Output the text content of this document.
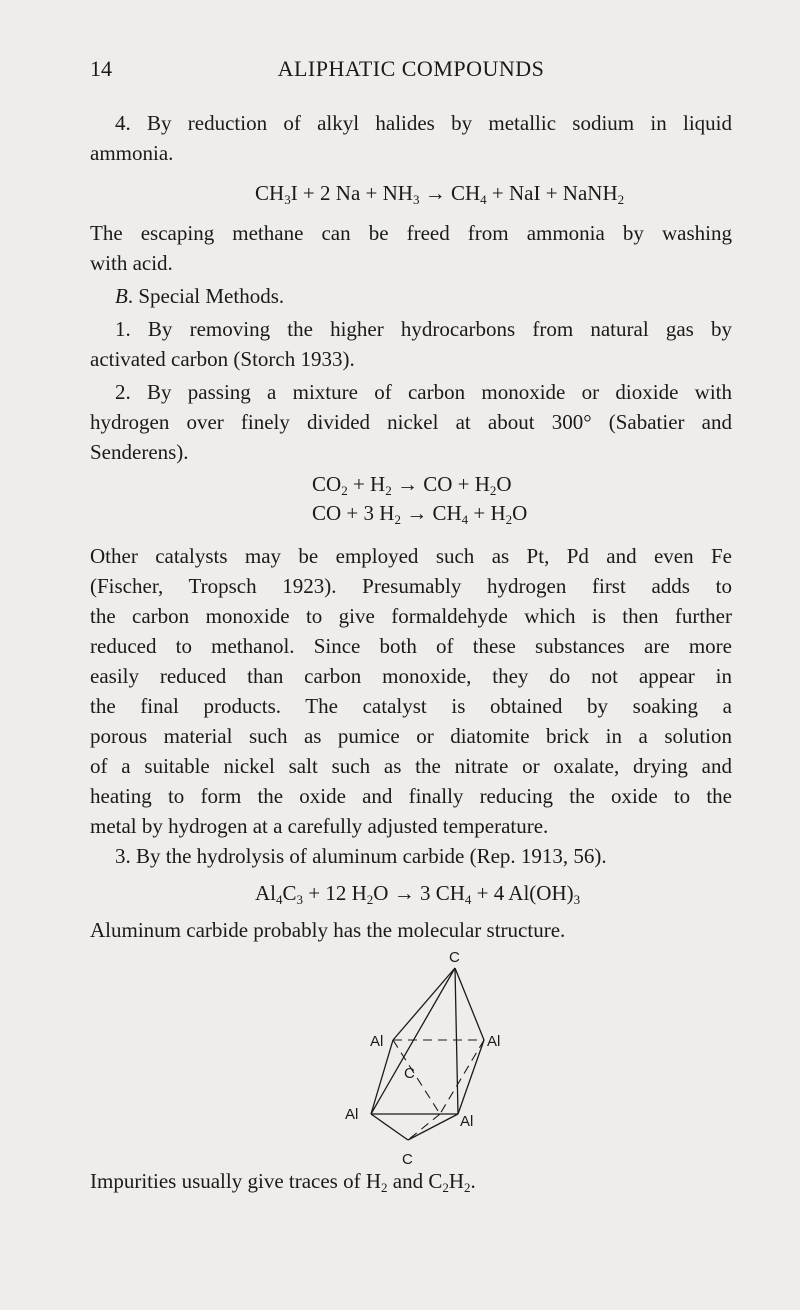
14	ALIPHATIC COMPOUNDS
4. By reduction of alkyl halides by metallic sodium in liquid
ammonia.
$CH_3I + 2$ $Na + NH_3 \to CH_4$ + NaI + NaNH$_2$
The escaping methane can be freed from ammonia by washing
with acid.
B. Special Methods.
1. By removing the higher hydrocarbons from natural gas by
activated carbon (Storch 1933).
2. By passing a mixture of carbon monoxide or dioxide with
hydrogen over finely divided nickel at about 300° (Sabatier and
Senderens).
$CO_2 + H_2$ → CO + $H_2O$
CO + 3 $H_2 \to CH_4 + H_2O$
Other catalysts may be employed such as Pt, Pd and even Fe
(Fischer, Tropsch 1923). Presumably hydrogen first adds to
the carbon monoxide to give formaldehyde which is then further
reduced to methanol. Since both of these substances are more
easily reduced than carbon monoxide, they do not appear in
the final products. The catalyst is obtained by soaking a
porous material such as pumice or diatomite brick in a solution
of a suitable nickel salt such as the nitrate or oxalate, drying and
heating to form the oxide and finally reducing the oxide to the
metal by hydrogen at a carefully adjusted temperature.
3. By the hydrolysis of aluminum carbide (Rep. 1913, 56).
$Al_4C_3 + 12$ $H_2O \to 3$ $CH_4 + 4$ $Al(OH)_3$
Aluminum carbide probably has the molecular structure.
C
C
Al	Al
Al	Al
C
Impurities usually give traces of $H_2$ and $C_2H_2$.
